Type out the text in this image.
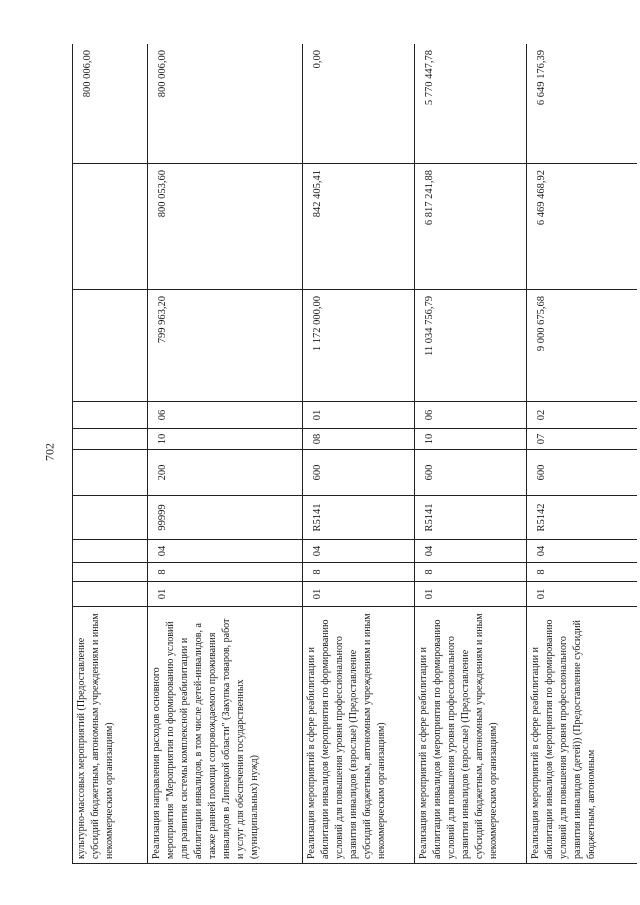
702
культурно-массовых мероприятий (Предоставление субсидий бюджетным, автономным учреждениям и иным некоммерческим организациям)										800 006,00
Реализация направления расходов основного мероприятия "Мероприятия по формированию условий для развития системы комплексной реабилитации и абилитации инвалидов, в том числе детей-инвалидов, а также ранней помощи сопровождаемого проживания инвалидов в Липецкой области" (Закупка товаров, работ и услуг для обеспечения государственных (муниципальных) нужд)	01	8	04	99999	200	10	06	799 963,20	800 053,60	800 006,00
Реализация мероприятий в сфере реабилитации и абилитации инвалидов (мероприятия по формированию условий для повышения уровня профессионального развития инвалидов (взрослые) (Предоставление субсидий бюджетным, автономным учреждениям и иным некоммерческим организациям)	01	8	04	R5141	600	08	01	1 172 000,00	842 405,41	0,00
Реализация мероприятий в сфере реабилитации и абилитации инвалидов (мероприятия по формированию условий для повышения уровня профессионального развития инвалидов (взрослые) (Предоставление субсидий бюджетным, автономным учреждениям и иным некоммерческим организациям)	01	8	04	R5141	600	10	06	11 034 756,79	6 817 241,88	5 770 447,78
Реализация мероприятий в сфере реабилитации и абилитации инвалидов (мероприятия по формированию условий для повышения уровня профессионального развития инвалидов (детей)) (Предоставление субсидий бюджетным, автономным	01	8	04	R5142	600	07	02	9 000 675,68	6 469 468,92	6 649 176,39
